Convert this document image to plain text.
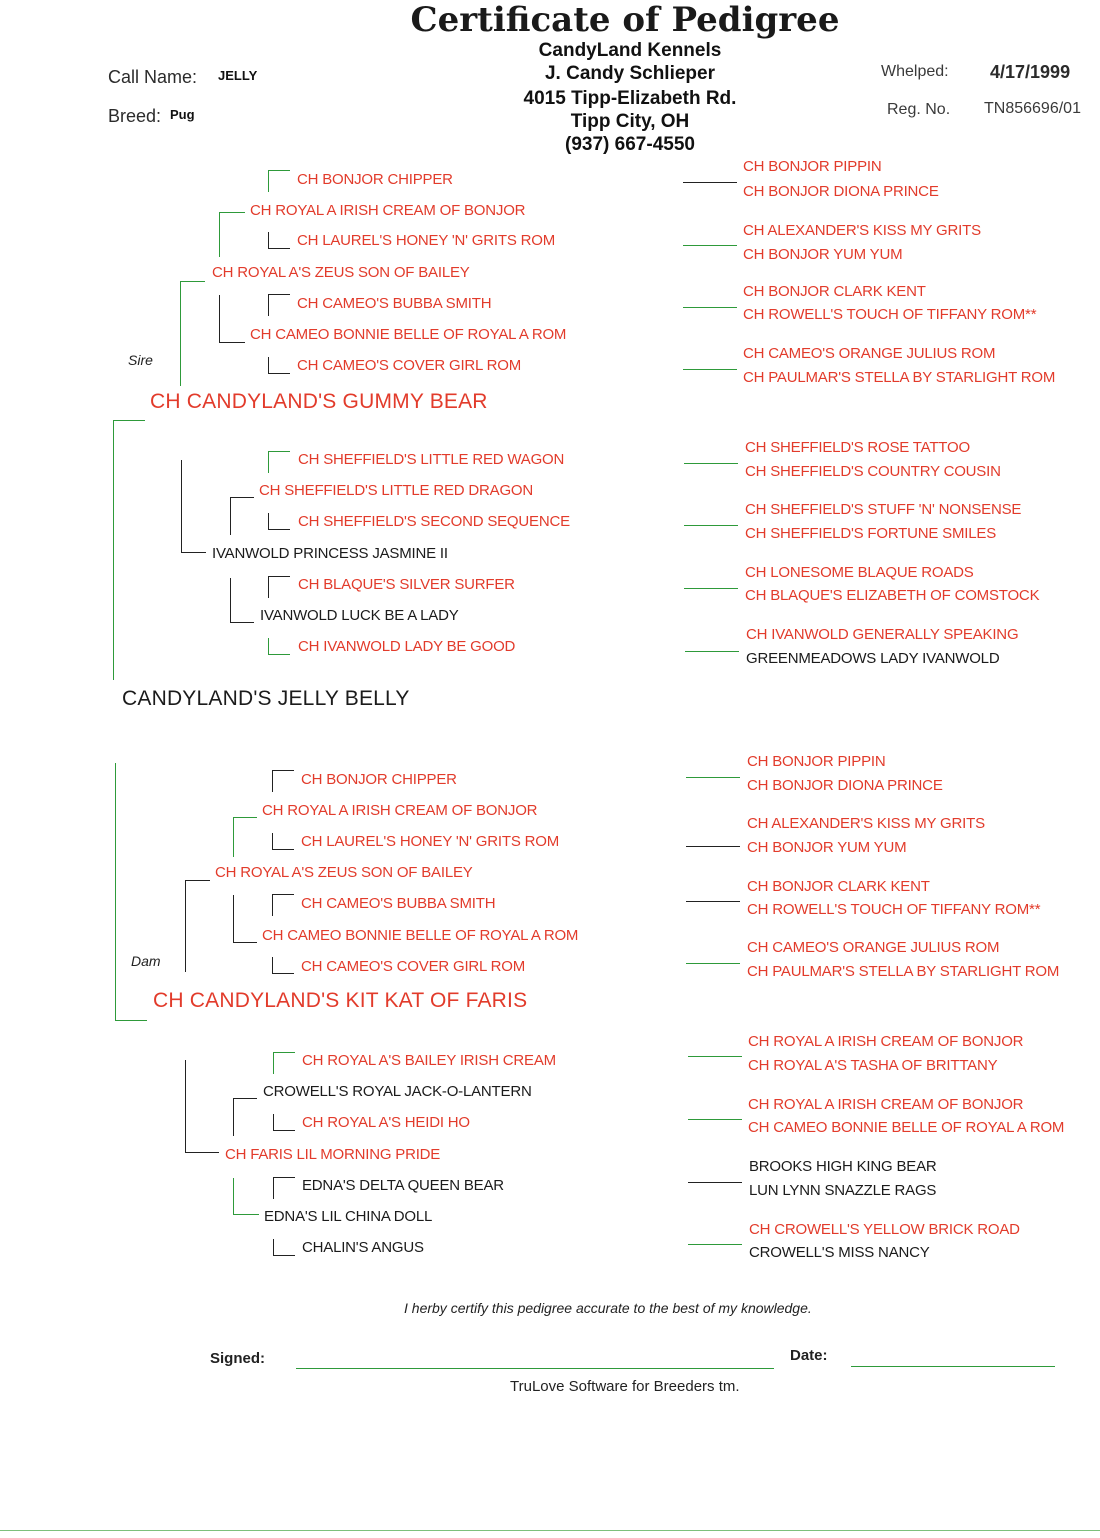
Certificate of Pedigree
CandyLand Kennels
J. Candy Schlieper
4015 Tipp-Elizabeth Rd.
Tipp City, OH
(937) 667-4550
Call Name: JELLY
Breed: Pug
Whelped: 4/17/1999
Reg. No. TN856696/01
Sire
CH BONJOR CHIPPER
CH LAUREL'S HONEY 'N' GRITS ROM
CH CAMEO'S BUBBA SMITH
CH CAMEO'S COVER GIRL ROM
CH SHEFFIELD'S LITTLE RED WAGON
CH SHEFFIELD'S SECOND SEQUENCE
CH BLAQUE'S SILVER SURFER
CH IVANWOLD LADY BE GOOD
CH ROYAL A IRISH CREAM OF BONJOR
CH CAMEO BONNIE BELLE OF ROYAL A ROM
CH SHEFFIELD'S LITTLE RED DRAGON
IVANWOLD LUCK BE A LADY
CH ROYAL A'S ZEUS SON OF BAILEY
IVANWOLD PRINCESS JASMINE II
CH CANDYLAND'S GUMMY BEAR
CH BONJOR PIPPIN
CH BONJOR DIONA PRINCE
CH ALEXANDER'S KISS MY GRITS
CH BONJOR YUM YUM
CH BONJOR CLARK KENT
CH ROWELL'S TOUCH OF TIFFANY ROM**
CH CAMEO'S ORANGE JULIUS ROM
CH PAULMAR'S STELLA BY STARLIGHT ROM
CH SHEFFIELD'S ROSE TATTOO
CH SHEFFIELD'S COUNTRY COUSIN
CH SHEFFIELD'S STUFF 'N' NONSENSE
CH SHEFFIELD'S FORTUNE SMILES
CH LONESOME BLAQUE ROADS
CH BLAQUE'S ELIZABETH OF COMSTOCK
CH IVANWOLD GENERALLY SPEAKING
GREENMEADOWS LADY IVANWOLD
CANDYLAND'S JELLY BELLY
Dam
CH BONJOR CHIPPER
CH LAUREL'S HONEY 'N' GRITS ROM
CH CAMEO'S BUBBA SMITH
CH CAMEO'S COVER GIRL ROM
CH ROYAL A'S BAILEY IRISH CREAM
CH ROYAL A'S HEIDI HO
EDNA'S DELTA QUEEN BEAR
CHALIN'S ANGUS
CH ROYAL A IRISH CREAM OF BONJOR
CH CAMEO BONNIE BELLE OF ROYAL A ROM
CROWELL'S ROYAL JACK-O-LANTERN
EDNA'S LIL CHINA DOLL
CH ROYAL A'S ZEUS SON OF BAILEY
CH FARIS LIL MORNING PRIDE
CH CANDYLAND'S KIT KAT OF FARIS
CH BONJOR PIPPIN
CH BONJOR DIONA PRINCE
CH ALEXANDER'S KISS MY GRITS
CH BONJOR YUM YUM
CH BONJOR CLARK KENT
CH ROWELL'S TOUCH OF TIFFANY ROM**
CH CAMEO'S ORANGE JULIUS ROM
CH PAULMAR'S STELLA BY STARLIGHT ROM
CH ROYAL A IRISH CREAM OF BONJOR
CH ROYAL A'S TASHA OF BRITTANY
CH ROYAL A IRISH CREAM OF BONJOR
CH CAMEO BONNIE BELLE OF ROYAL A ROM
BROOKS HIGH KING BEAR
LUN LYNN SNAZZLE RAGS
CH CROWELL'S YELLOW BRICK ROAD
CROWELL'S MISS NANCY
I herby certify this pedigree accurate to the best of my knowledge.
Signed:	Date:
TruLove Software for Breeders tm.
